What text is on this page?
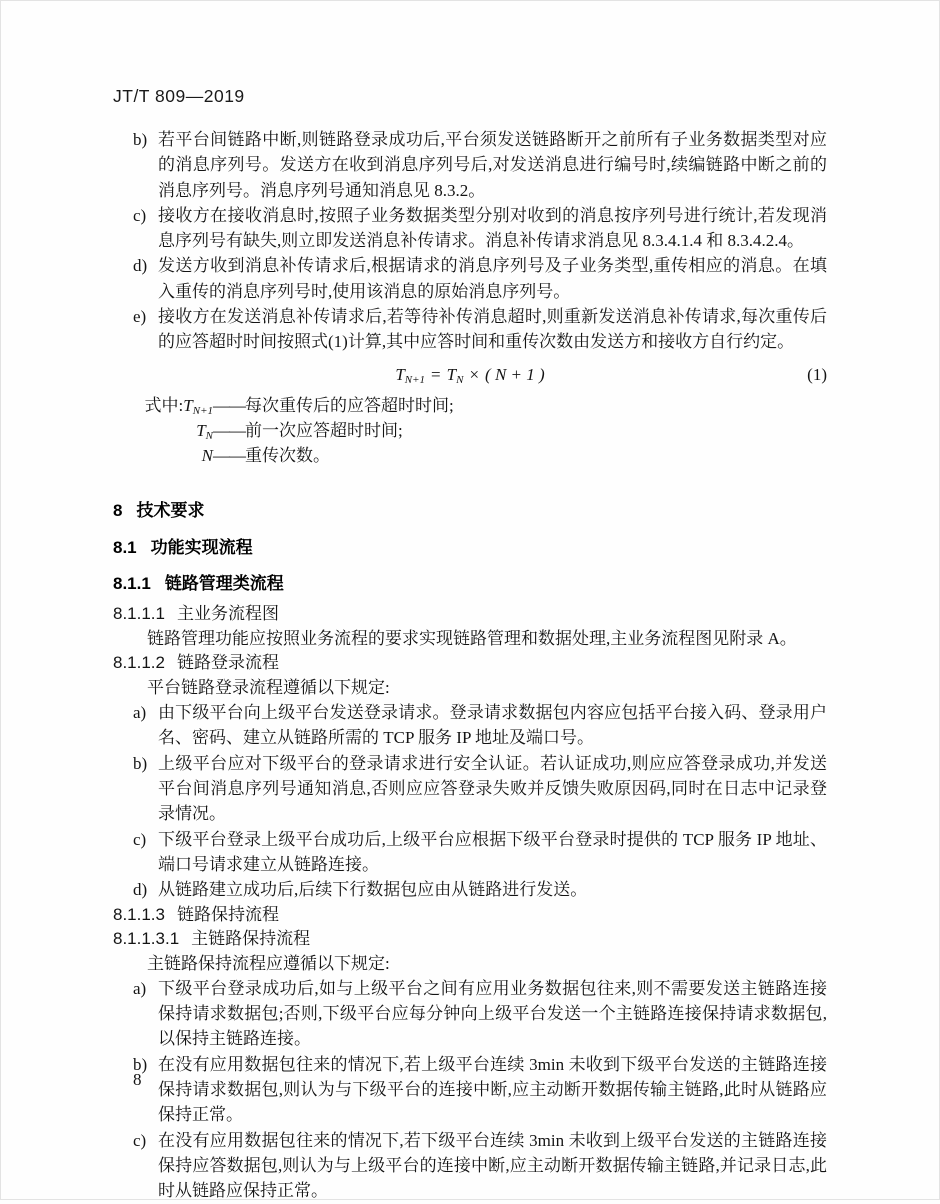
JT/T 809—2019
b) 若平台间链路中断,则链路登录成功后,平台须发送链路断开之前所有子业务数据类型对应的消息序列号。发送方在收到消息序列号后,对发送消息进行编号时,续编链路中断之前的消息序列号。消息序列号通知消息见 8.3.2。
c) 接收方在接收消息时,按照子业务数据类型分别对收到的消息按序列号进行统计,若发现消息序列号有缺失,则立即发送消息补传请求。消息补传请求消息见 8.3.4.1.4 和 8.3.4.2.4。
d) 发送方收到消息补传请求后,根据请求的消息序列号及子业务类型,重传相应的消息。在填入重传的消息序列号时,使用该消息的原始消息序列号。
e) 接收方在发送消息补传请求后,若等待补传消息超时,则重新发送消息补传请求,每次重传后的应答超时时间按照式(1)计算,其中应答时间和重传次数由发送方和接收方自行约定。
$T_{N+1} = T_N$ × ( N + 1 )	(1)
式中$:T_{N+1}$ —— 每次重传后的应答超时时间;
$T_N$ —— 前一次应答超时时间;
N —— 重传次数。
8 技术要求
8.1 功能实现流程
8.1.1 链路管理类流程
8.1.1.1 主业务流程图
链路管理功能应按照业务流程的要求实现链路管理和数据处理,主业务流程图见附录 A。
8.1.1.2 链路登录流程
平台链路登录流程遵循以下规定:
a) 由下级平台向上级平台发送登录请求。登录请求数据包内容应包括平台接入码、登录用户名、密码、建立从链路所需的 TCP 服务 IP 地址及端口号。
b) 上级平台应对下级平台的登录请求进行安全认证。若认证成功,则应应答登录成功,并发送平台间消息序列号通知消息,否则应应答登录失败并反馈失败原因码,同时在日志中记录登录情况。
c) 下级平台登录上级平台成功后,上级平台应根据下级平台登录时提供的 TCP 服务 IP 地址、端口号请求建立从链路连接。
d) 从链路建立成功后,后续下行数据包应由从链路进行发送。
8.1.1.3 链路保持流程
8.1.1.3.1 主链路保持流程
主链路保持流程应遵循以下规定:
a) 下级平台登录成功后,如与上级平台之间有应用业务数据包往来,则不需要发送主链路连接保持请求数据包;否则,下级平台应每分钟向上级平台发送一个主链路连接保持请求数据包,以保持主链路连接。
b) 在没有应用数据包往来的情况下,若上级平台连续 3min 未收到下级平台发送的主链路连接保持请求数据包,则认为与下级平台的连接中断,应主动断开数据传输主链路,此时从链路应保持正常。
c) 在没有应用数据包往来的情况下,若下级平台连续 3min 未收到上级平台发送的主链路连接保持应答数据包,则认为与上级平台的连接中断,应主动断开数据传输主链路,并记录日志,此时从链路应保持正常。
8
